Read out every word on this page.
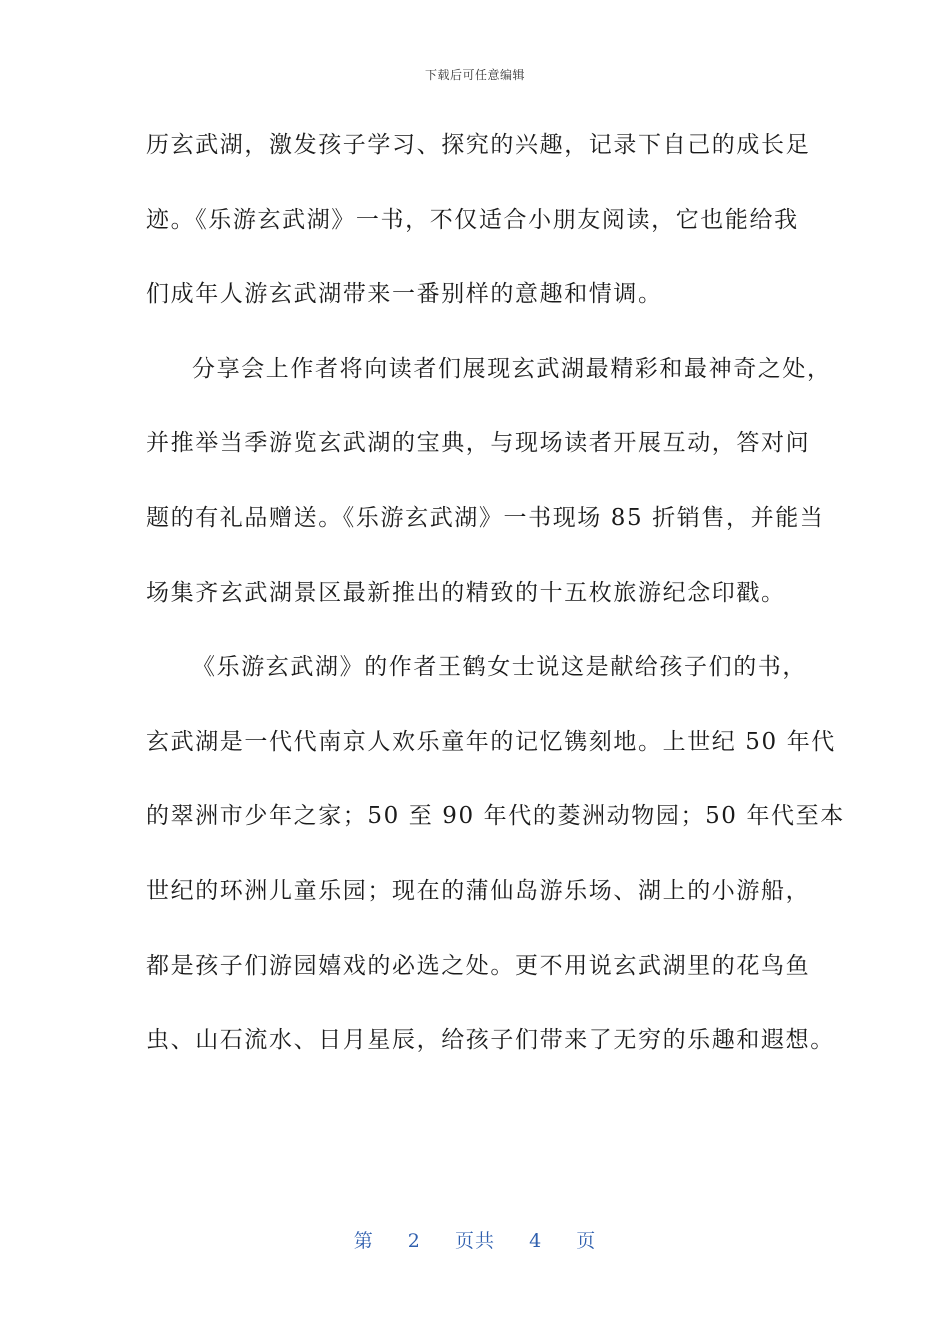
下载后可任意编辑
历玄武湖，激发孩子学习、探究的兴趣，记录下自己的成长足
迹。《乐游玄武湖》一书，不仅适合小朋友阅读，它也能给我
们成年人游玄武湖带来一番别样的意趣和情调。
分享会上作者将向读者们展现玄武湖最精彩和最神奇之处，
并推举当季游览玄武湖的宝典，与现场读者开展互动，答对问
题的有礼品赠送。《乐游玄武湖》一书现场 85 折销售，并能当
场集齐玄武湖景区最新推出的精致的十五枚旅游纪念印戳。
《乐游玄武湖》的作者王鹤女士说这是献给孩子们的书，
玄武湖是一代代南京人欢乐童年的记忆镌刻地。上世纪 50 年代
的翠洲市少年之家；50 至 90 年代的菱洲动物园；50 年代至本
世纪的环洲儿童乐园；现在的蒲仙岛游乐场、湖上的小游船，
都是孩子们游园嬉戏的必选之处。更不用说玄武湖里的花鸟鱼
虫、山石流水、日月星辰，给孩子们带来了无穷的乐趣和遐想。
第 2 页共 4 页
